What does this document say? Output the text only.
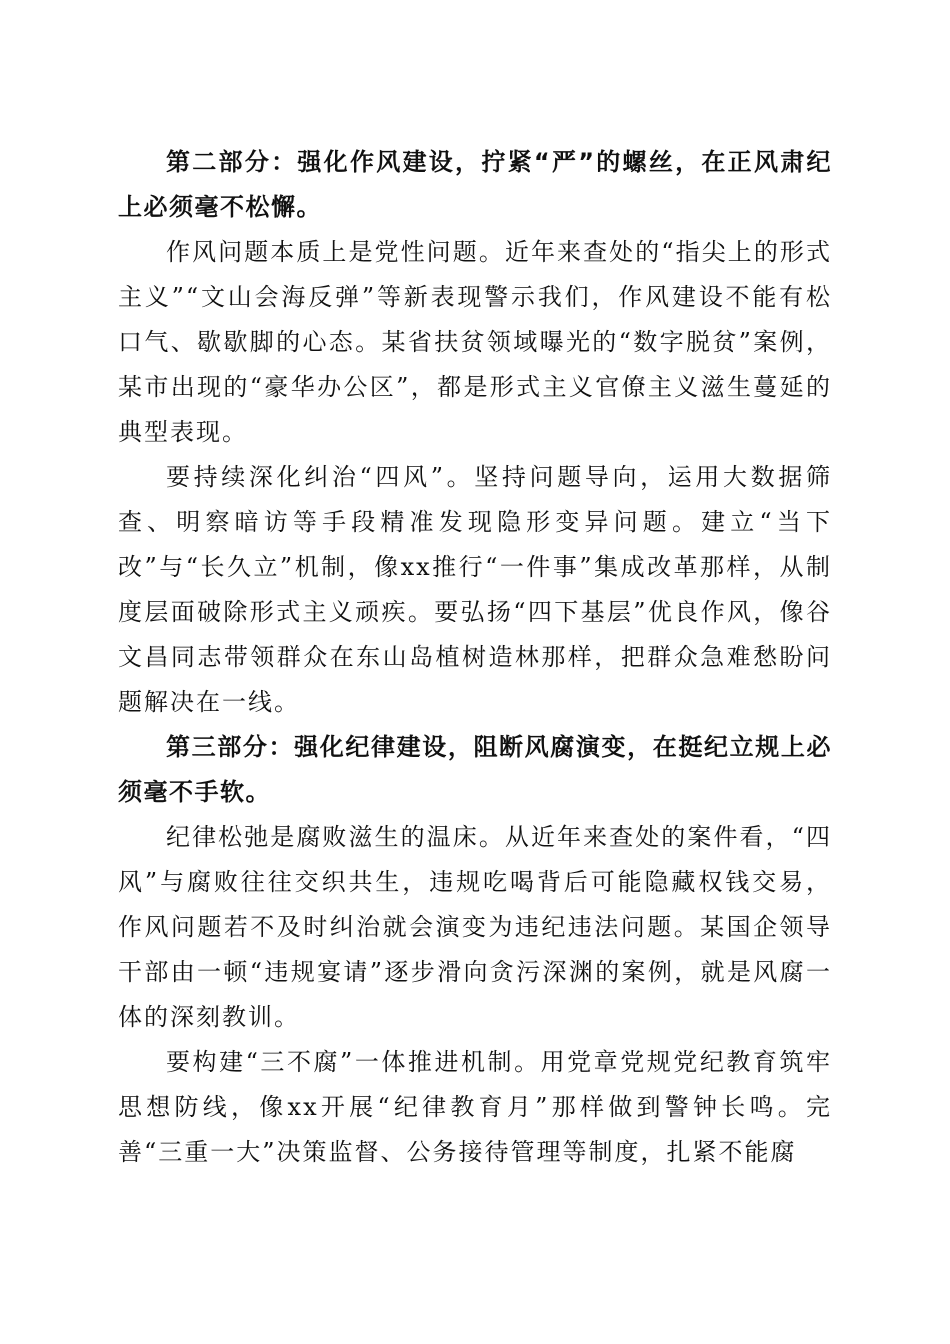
第二部分：强化作风建设，拧紧“严”的螺丝，在正风肃纪上必须毫不松懈。

作风问题本质上是党性问题。近年来查处的“指尖上的形式主义”“文山会海反弹”等新表现警示我们，作风建设不能有松口气、歇歇脚的心态。某省扶贫领域曝光的“数字脱贫”案例，某市出现的“豪华办公区”，都是形式主义官僚主义滋生蔓延的典型表现。

要持续深化纠治“四风”。坚持问题导向，运用大数据筛查、明察暗访等手段精准发现隐形变异问题。建立“当下改”与“长久立”机制，像xx推行“一件事”集成改革那样，从制度层面破除形式主义顽疾。要弘扬“四下基层”优良作风，像谷文昌同志带领群众在东山岛植树造林那样，把群众急难愁盼问题解决在一线。

第三部分：强化纪律建设，阻断风腐演变，在挺纪立规上必须毫不手软。

纪律松弛是腐败滋生的温床。从近年来查处的案件看，“四风”与腐败往往交织共生，违规吃喝背后可能隐藏权钱交易，作风问题若不及时纠治就会演变为违纪违法问题。某国企领导干部由一顿“违规宴请”逐步滑向贪污深渊的案例，就是风腐一体的深刻教训。

要构建“三不腐”一体推进机制。用党章党规党纪教育筑牢思想防线，像xx开展“纪律教育月”那样做到警钟长鸣。完善“三重一大”决策监督、公务接待管理等制度，扎紧不能腐
